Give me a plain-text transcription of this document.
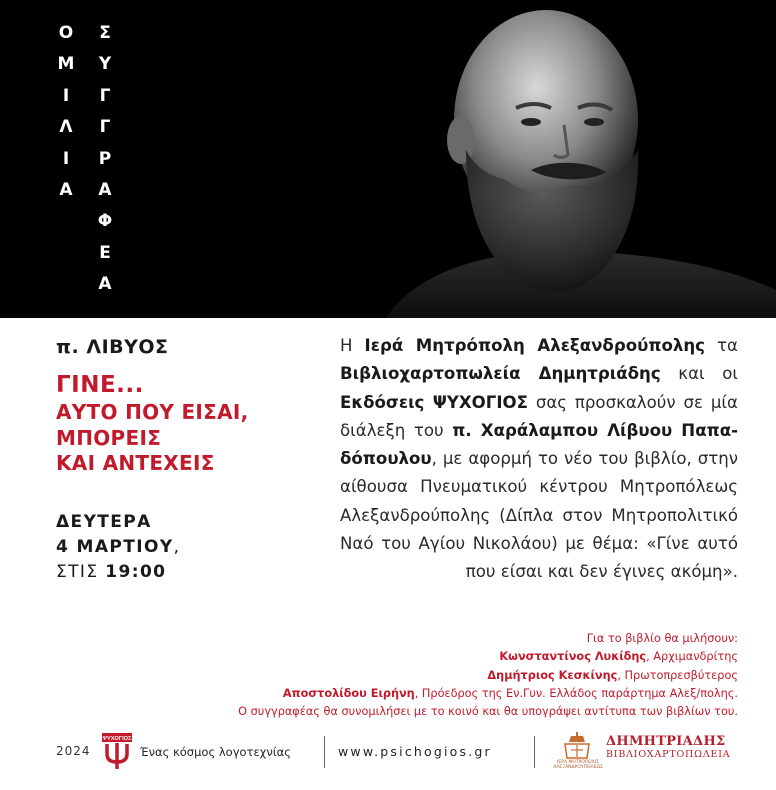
Ο
Μ
Ι
Λ
Ι
Α
Σ
Υ
Γ
Γ
Ρ
Α
Φ
Ε
Α
π. ΛΙΒΥΟΣ
ΓΙΝΕ...
ΑΥΤΟ ΠΟΥ ΕΙΣΑΙ,
ΜΠΟΡΕΙΣ
ΚΑΙ ΑΝΤΕΧΕΙΣ
ΔΕΥΤΕΡΑ
4 ΜΑΡΤΙΟΥ,
ΣΤΙΣ 19:00
Η Ιερά Μητρόπολη Αλεξανδρούπολης τα Βιβλιοχαρτοπωλεία Δημητριάδης και οι Εκδόσεις ΨΥΧΟΓΙΟΣ σας προσκαλούν σε μία διάλεξη του π. Χαράλαμπου Λίβυου Παπαδόπουλου, με αφορμή το νέο του βιβλίο, στην αίθουσα Πνευματικού κέντρου Μητροπόλεως Αλεξανδρούπολης (Δίπλα στον Μητροπολιτικό Ναό του Αγίου Νικολάου) με θέμα: «Γίνε αυτό που είσαι και δεν έγινες ακόμη».
Για το βιβλίο θα μιλήσουν:
Κωνσταντίνος Λυκίδης, Αρχιμανδρίτης
Δημήτριος Κεσκίνης, Πρωτοπρεσβύτερος
Αποστολίδου Ειρήνη, Πρόεδρος της Εν.Γυν. Ελλάδος παράρτημα Αλεξ/πολης.
Ο συγγραφέας θα συνομιλήσει με το κοινό και θα υπογράψει αντίτυπα των βιβλίων του.
2024
ΨΥΧΟΓΙΟΣ
Ένας κόσμος λογοτεχνίας	www.psichogios.gr
ΙΕΡΑ ΜΗΤΡΟΠΟΛΙΣ ΑΛΕΞΑΝΔΡΟΥΠΟΛΕΩΣ
ΔΗΜΗΤΡΙΑΔΗΣ
ΒΙΒΛΙΟΧΑΡΤΟΠΩΛΕΙΑ
